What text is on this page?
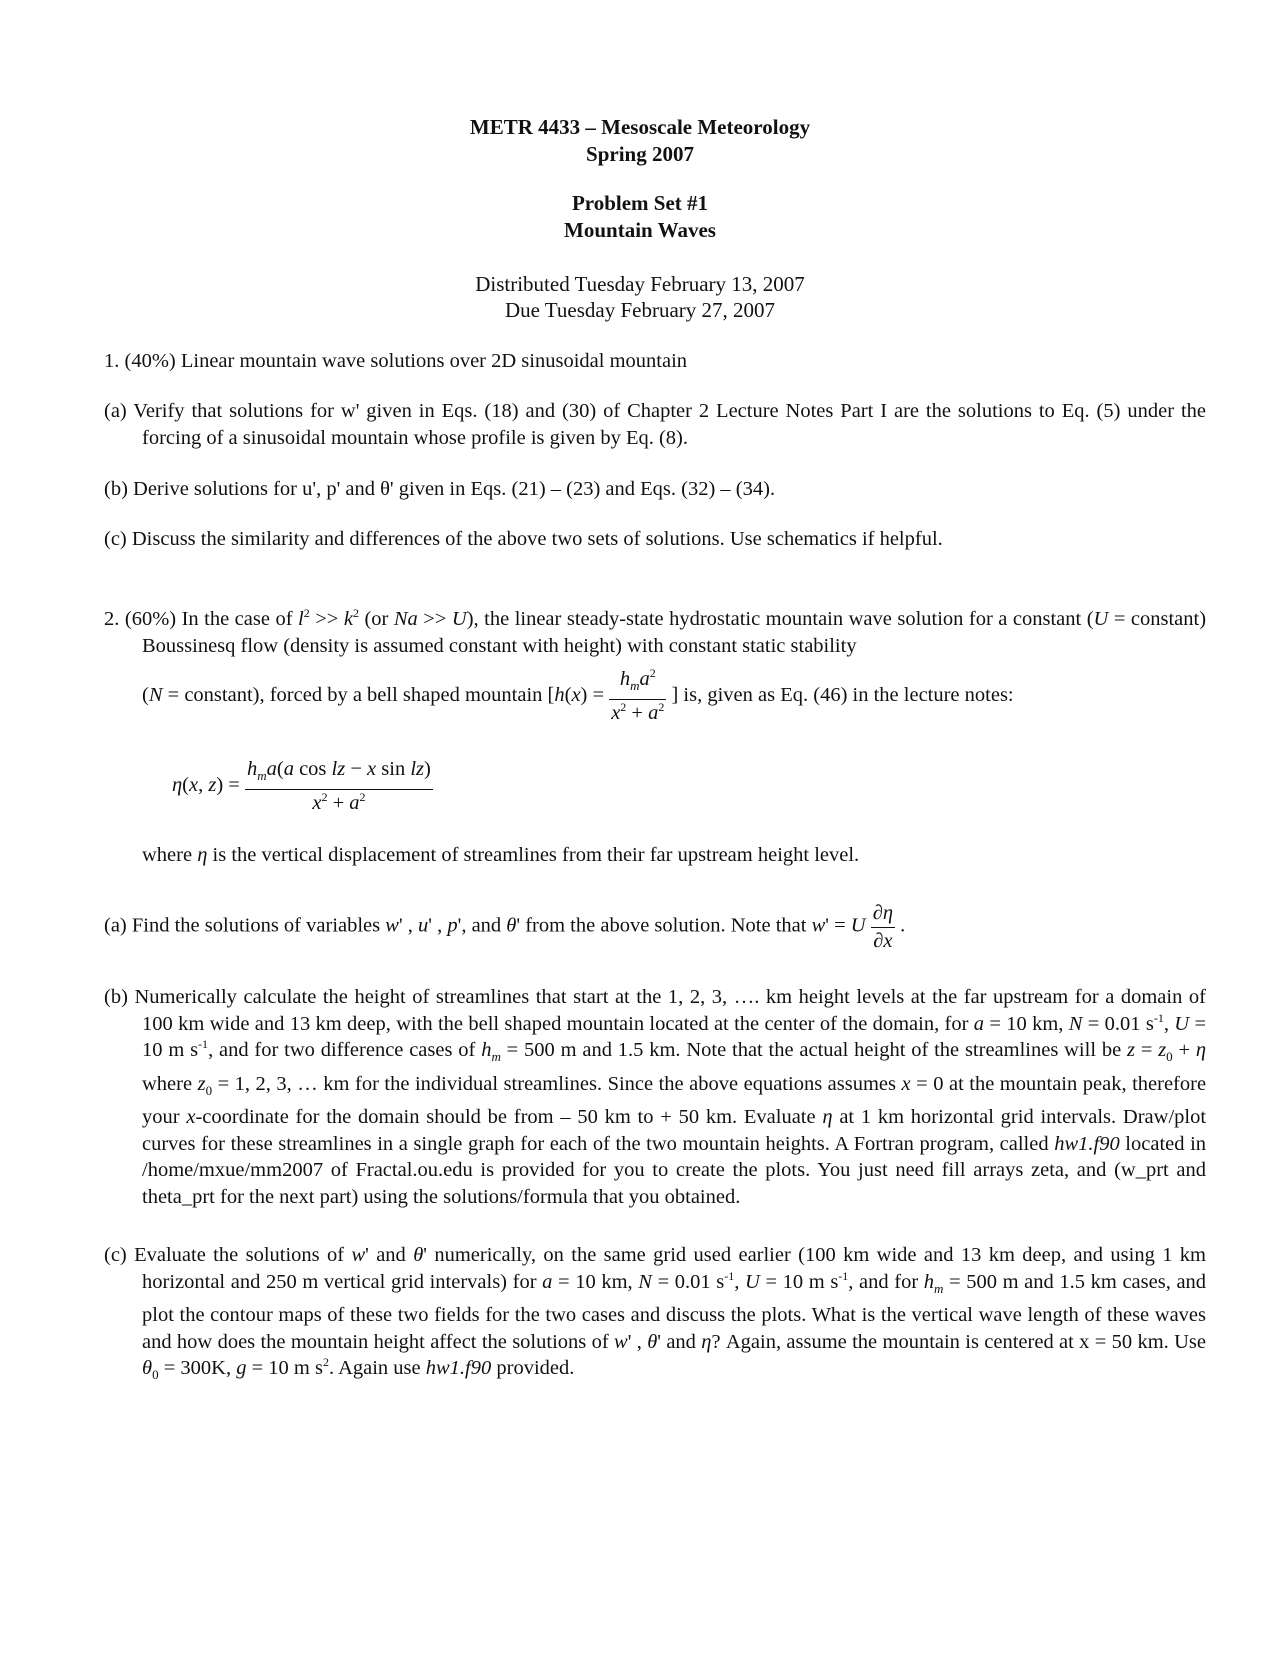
METR 4433 – Mesoscale Meteorology
Spring 2007
Problem Set #1
Mountain Waves
Distributed Tuesday February 13, 2007
Due Tuesday February 27, 2007
1. (40%) Linear mountain wave solutions over 2D sinusoidal mountain
(a) Verify that solutions for w' given in Eqs. (18) and (30) of Chapter 2 Lecture Notes Part I are the solutions to Eq. (5) under the forcing of a sinusoidal mountain whose profile is given by Eq. (8).
(b) Derive solutions for u', p' and θ' given in Eqs. (21) – (23) and Eqs. (32) – (34).
(c) Discuss the similarity and differences of the above two sets of solutions. Use schematics if helpful.
2. (60%) In the case of $l^2 >> k^2$ (or Na >> U), the linear steady-state hydrostatic mountain wave solution for a constant (U = constant) Boussinesq flow (density is assumed constant with height) with constant static stability
(N = constant), forced by a bell shaped mountain [$h(x) = \frac{h_ma^2}{x^2 + a^2}$ ] is, given as Eq. (46) in the lecture notes:
η(x, $z) = \frac{h_ma(a \cos lz - x \sin lz)}{x^2 + a^2}$
where η is the vertical displacement of streamlines from their far upstream height level.
(a) Find the solutions of variables w' , u' , p', and θ' from the above solution. Note that w' = U $\frac{\partial\eta}{\partial x}$ .
(b) Numerically calculate the height of streamlines that start at the 1, 2, 3, …. km height levels at the far upstream for a domain of 100 km wide and 13 km deep, with the bell shaped mountain located at the center of the domain, for a = 10 km, N = 0.01 $s^{-1}$, U = 10 m $s^{-1}$, and for two difference cases of $h_m = 500$ m and 1.5 km. Note that the actual height of the streamlines will be $z = z_0 + \eta$ where $z_0 = 1$, 2, 3, … km for the individual streamlines. Since the above equations assumes x = 0 at the mountain peak, therefore your x-coordinate for the domain should be from – 50 km to + 50 km. Evaluate η at 1 km horizontal grid intervals. Draw/plot curves for these streamlines in a single graph for each of the two mountain heights. A Fortran program, called hw1.f90 located in /home/mxue/mm2007 of Fractal.ou.edu is provided for you to create the plots. You just need fill arrays zeta, and (w_prt and theta_prt for the next part) using the solutions/formula that you obtained.
(c) Evaluate the solutions of w' and θ' numerically, on the same grid used earlier (100 km wide and 13 km deep, and using 1 km horizontal and 250 m vertical grid intervals) for a = 10 km, N = 0.01 $s^{-1}$, U = 10 m $s^{-1}$, and for $h_m = 500$ m and 1.5 km cases, and plot the contour maps of these two fields for the two cases and discuss the plots. What is the vertical wave length of these waves and how does the mountain height affect the solutions of w' , θ' and η? Again, assume the mountain is centered at x = 50 km. Use $\theta_0 = 300K$, g = 10 m $s^2$. Again use hw1.f90 provided.
